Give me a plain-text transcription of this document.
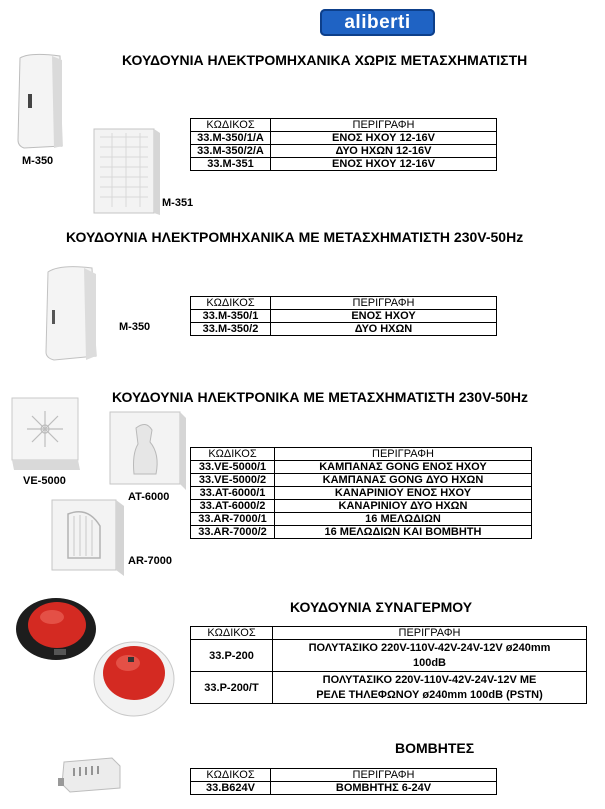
aliberti
ΚΟΥΔΟΥΝΙΑ ΗΛΕΚΤΡΟΜΗΧΑΝΙΚΑ ΧΩΡΙΣ ΜΕΤΑΣΧΗΜΑΤΙΣΤΗ
M-350
M-351
ΚΩΔΙΚΟΣ	ΠΕΡΙΓΡΑΦΗ
33.M-350/1/A	ΕΝΟΣ ΗΧΟΥ 12-16V
33.M-350/2/A	ΔΥΟ ΗΧΩΝ 12-16V
33.M-351	ΕΝΟΣ ΗΧΟΥ 12-16V
ΚΟΥΔΟΥΝΙΑ ΗΛΕΚΤΡΟΜΗΧΑΝΙΚΑ ΜΕ ΜΕΤΑΣΧΗΜΑΤΙΣΤΗ 230V-50Hz
M-350
ΚΩΔΙΚΟΣ	ΠΕΡΙΓΡΑΦΗ
33.M-350/1	ΕΝΟΣ ΗΧΟΥ
33.M-350/2	ΔΥΟ ΗΧΩΝ
ΚΟΥΔΟΥΝΙΑ ΗΛΕΚΤΡΟΝΙΚΑ ΜΕ ΜΕΤΑΣΧΗΜΑΤΙΣΤΗ 230V-50Hz
VE-5000
AT-6000
AR-7000
ΚΩΔΙΚΟΣ	ΠΕΡΙΓΡΑΦΗ
33.VE-5000/1	ΚΑΜΠΑΝΑΣ GONG ΕΝΟΣ ΗΧΟΥ
33.VE-5000/2	ΚΑΜΠΑΝΑΣ GONG ΔΥΟ ΗΧΩΝ
33.AT-6000/1	ΚΑΝΑΡΙΝΙΟΥ ΕΝΟΣ ΗΧΟΥ
33.AT-6000/2	ΚΑΝΑΡΙΝΙΟΥ ΔΥΟ ΗΧΩΝ
33.AR-7000/1	16 ΜΕΛΩΔΙΩΝ
33.AR-7000/2	16 ΜΕΛΩΔΙΩΝ ΚΑΙ ΒΟΜΒΗΤΗ
ΚΟΥΔΟΥΝΙΑ ΣΥΝΑΓΕΡΜΟΥ
ΚΩΔΙΚΟΣ	ΠΕΡΙΓΡΑΦΗ
33.P-200	ΠΟΛΥΤΑΣΙΚΟ 220V-110V-42V-24V-12V ø240mm
100dB

33.P-200/T	ΠΟΛΥΤΑΣΙΚΟ 220V-110V-42V-24V-12V ΜΕ
ΡΕΛΕ ΤΗΛΕΦΩΝΟΥ ø240mm 100dB (PSTN)
ΒΟΜΒΗΤΕΣ
ΚΩΔΙΚΟΣ	ΠΕΡΙΓΡΑΦΗ
33.B624V	ΒΟΜΒΗΤΗΣ 6-24V
